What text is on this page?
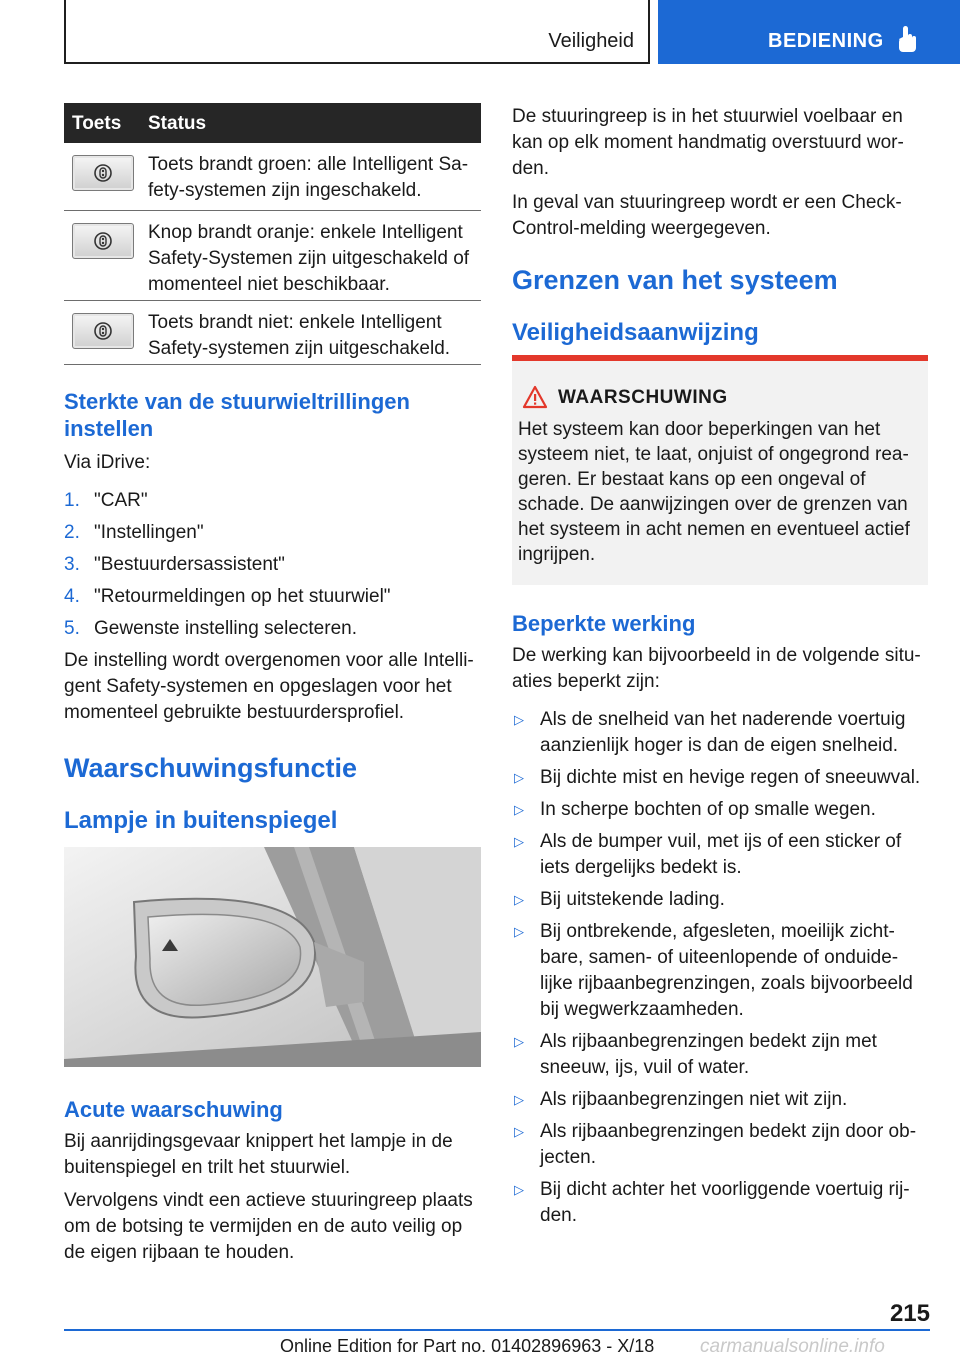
Veiligheid	BEDIENING
Toets Status
Toets brandt groen: alle Intelligent Sa-fety-systemen zijn ingeschakeld.
Knop brandt oranje: enkele Intelligent Safety-Systemen zijn uitgeschakeld of momenteel niet beschikbaar.
Toets brandt niet: enkele Intelligent Safety-systemen zijn uitgeschakeld.
Sterkte van de stuurwieltrillingen instellen
Via iDrive:
1. "CAR"
2. "Instellingen"
3. "Bestuurdersassistent"
4. "Retourmeldingen op het stuurwiel"
5. Gewenste instelling selecteren.
De instelling wordt overgenomen voor alle Intelli-gent Safety-systemen en opgeslagen voor het momenteel gebruikte bestuurdersprofiel.
Waarschuwingsfunctie
Lampje in buitenspiegel
Acute waarschuwing
Bij aanrijdingsgevaar knippert het lampje in de buitenspiegel en trilt het stuurwiel.
Vervolgens vindt een actieve stuuringreep plaats om de botsing te vermijden en de auto veilig op de eigen rijbaan te houden.
De stuuringreep is in het stuurwiel voelbaar en kan op elk moment handmatig overstuurd wor-den.
In geval van stuuringreep wordt er een Check-Control-melding weergegeven.
Grenzen van het systeem
Veiligheidsaanwijzing
WAARSCHUWING
Het systeem kan door beperkingen van het systeem niet, te laat, onjuist of ongegrond rea-geren. Er bestaat kans op een ongeval of schade. De aanwijzingen over de grenzen van het systeem in acht nemen en eventueel actief ingrijpen.
Beperkte werking
De werking kan bijvoorbeeld in de volgende situ-aties beperkt zijn:
▷ Als de snelheid van het naderende voertuig aanzienlijk hoger is dan de eigen snelheid.
▷ Bij dichte mist en hevige regen of sneeuwval.
▷ In scherpe bochten of op smalle wegen.
▷ Als de bumper vuil, met ijs of een sticker of iets dergelijks bedekt is.
▷ Bij uitstekende lading.
▷ Bij ontbrekende, afgesleten, moeilijk zicht-bare, samen- of uiteenlopende of onduide-lijke rijbaanbegrenzingen, zoals bijvoorbeeld bij wegwerkzaamheden.
▷ Als rijbaanbegrenzingen bedekt zijn met sneeuw, ijs, vuil of water.
▷ Als rijbaanbegrenzingen niet wit zijn.
▷ Als rijbaanbegrenzingen bedekt zijn door ob-jecten.
▷ Bij dicht achter het voorliggende voertuig rij-den.
215
Online Edition for Part no. 01402896963 - X/18 carmanualsonline.info
